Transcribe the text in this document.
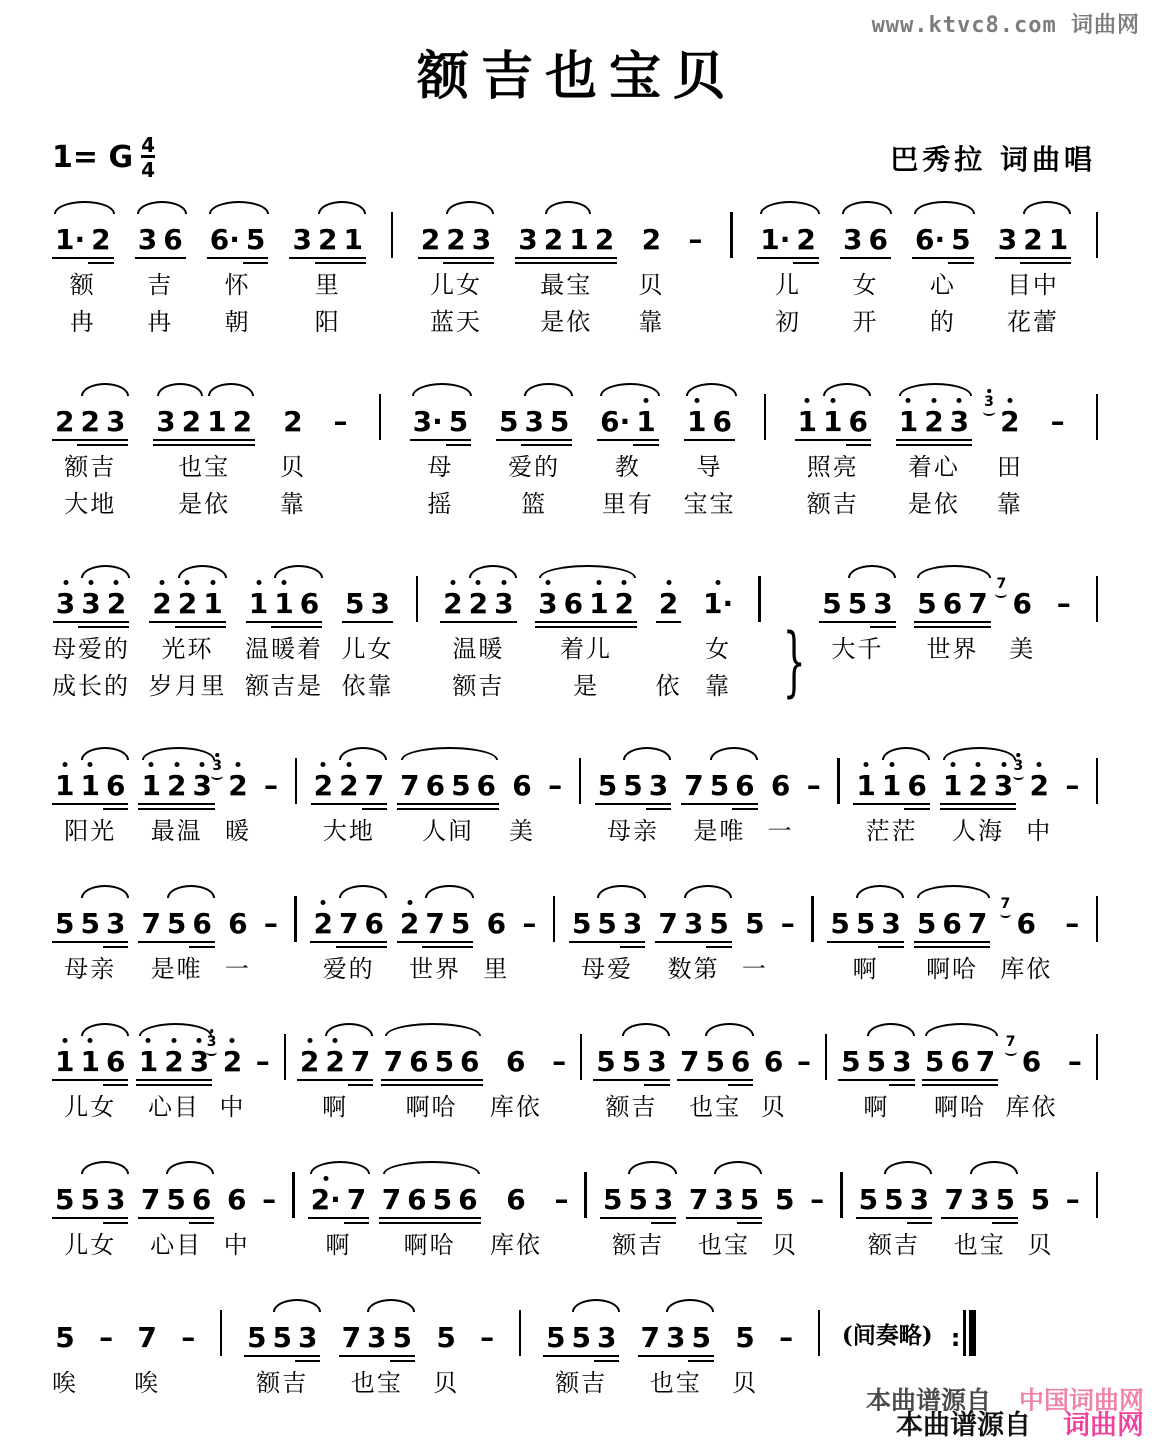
www.ktvc8.com 词曲网
额吉也宝贝
1= G $\frac{4}{4}$	巴秀拉 词曲唱
1· 2
额
冉
3 6
吉
冉
6· 5
怀
朝
3 2 1
里
阳

2 2 3
儿女
蓝天
3 2 1 2
最宝
是依
2
贝
靠
–

1· 2
儿
初
3 6
女
开
6· 5
心
的
3 2 1
目中
花蕾

2 2 3
额吉
大地
3 2 1 2
也宝
是依
2
贝
靠
–

3· 5
母
摇
5 3 5
爱的
篮
6· 1
教
里有
1 6
导
宝宝

1 1 6
照亮
额吉
1 2 3
着心
是依
2
3
田
靠
–

3 3 2
母爱的
成长的
2 2 1
光环
岁月里
1 1 6
温暖着
额吉是
5 3
儿女
依靠

2 2 3
温暖
额吉
3 6 1 2
着儿
是
2

依
1·
女
靠

}

5 5 3
大千

5 6 7
世界

6
7
美

–

1 1 6
阳光
1 2 3
最温
2
3
暖
–

2 2 7
大地
7 6 5 6
人间
6
美
–

5 5 3
母亲
7 5 6
是唯
6
一
–

1 1 6
茫茫
1 2 3
人海
2
3
中
–

5 5 3
母亲
7 5 6
是唯
6
一
–

2 7 6
爱的
2 7 5
世界
6
里
–

5 5 3
母爱
7 3 5
数第
5
一
–

5 5 3
啊
5 6 7
啊哈
6
7
库依
–

1 1 6
儿女
1 2 3
心目
2
3
中
–

2 2 7
啊
7 6 5 6
啊哈
6
库依
–

5 5 3
额吉
7 5 6
也宝
6
贝
–

5 5 3
啊
5 6 7
啊哈
6
7
库依
–

5 5 3
儿女
7 5 6
心目
6
中
–

2· 7
啊
7 6 5 6
啊哈
6
库依
–

5 5 3
额吉
7 3 5
也宝
5
贝
–

5 5 3
额吉
7 3 5
也宝
5
贝
–

5
唉
–
7
唉
–

5 5 3
额吉
7 3 5
也宝
5
贝
–

5 5 3
额吉
7 3 5
也宝
5
贝
–

(间奏略)
:

本曲谱源自 中国词曲网
本曲谱源自 词曲网
